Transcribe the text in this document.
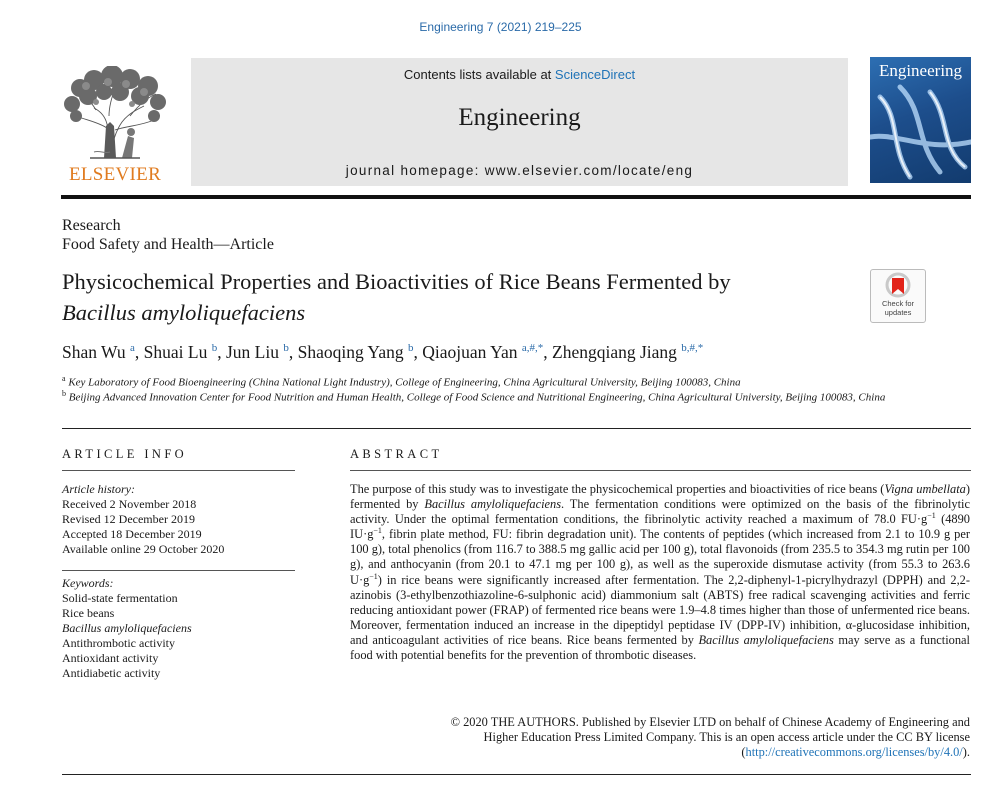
Engineering 7 (2021) 219–225
ELSEVIER
Contents lists available at ScienceDirect
Engineering
journal homepage: www.elsevier.com/locate/eng
Engineering
Research
Food Safety and Health—Article
Physicochemical Properties and Bioactivities of Rice Beans Fermented by
Bacillus amyloliquefaciens	Check for updates
Shan Wu $^a$, Shuai Lu $^b$, Jun Liu $^b$, Shaoqing Yang $^b$, Qiaojuan Yan $^{a,\#,*}$, Zhengqiang Jiang $^{b,\#,*}$
$^a$ Key Laboratory of Food Bioengineering (China National Light Industry), College of Engineering, China Agricultural University, Beijing 100083, China
$^b$ Beijing Advanced Innovation Center for Food Nutrition and Human Health, College of Food Science and Nutritional Engineering, China Agricultural University, Beijing 100083, China
ARTICLE INFO
Article history:
Received 2 November 2018
Revised 12 December 2019
Accepted 18 December 2019
Available online 29 October 2020
Keywords:
Solid-state fermentation
Rice beans
Bacillus amyloliquefaciens
Antithrombotic activity
Antioxidant activity
Antidiabetic activity
ABSTRACT
The purpose of this study was to investigate the physicochemical properties and bioactivities of rice beans (Vigna umbellata) fermented by Bacillus amyloliquefaciens. The fermentation conditions were optimized on the basis of the fibrinolytic activity. Under the optimal fermentation conditions, the fibrinolytic activity reached a maximum of 78.0 $FU\cdot g^{-1}$ (4890 $IU\cdot g^{-1}$, fibrin plate method, FU: fibrin degradation unit). The contents of peptides (which increased from 2.1 to 10.9 g per 100 g), total phenolics (from 116.7 to 388.5 mg gallic acid per 100 g), total flavonoids (from 235.5 to 354.3 mg rutin per 100 g), and anthocyanin (from 20.1 to 47.1 mg per 100 g), as well as the superoxide dismutase activity (from 55.3 to 263.6 $U\cdot g^{-1}$) in rice beans were significantly increased after fermentation. The 2,2-diphenyl-1-picrylhydrazyl (DPPH) and 2,2-azinobis (3-ethylbenzothiazoline-6-sulphonic acid) diammonium salt (ABTS) free radical scavenging activities and ferric reducing antioxidant power (FRAP) of fermented rice beans were 1.9–4.8 times higher than those of unfermented rice beans. Moreover, fermentation induced an increase in the dipeptidyl peptidase IV (DPP-IV) inhibition, α-glucosidase inhibition, and anticoagulant activities of rice beans. Rice beans fermented by Bacillus amyloliquefaciens may serve as a functional food with potential benefits for the prevention of thrombotic diseases.
© 2020 THE AUTHORS. Published by Elsevier LTD on behalf of Chinese Academy of Engineering and
Higher Education Press Limited Company. This is an open access article under the CC BY license
(http://creativecommons.org/licenses/by/4.0/).
